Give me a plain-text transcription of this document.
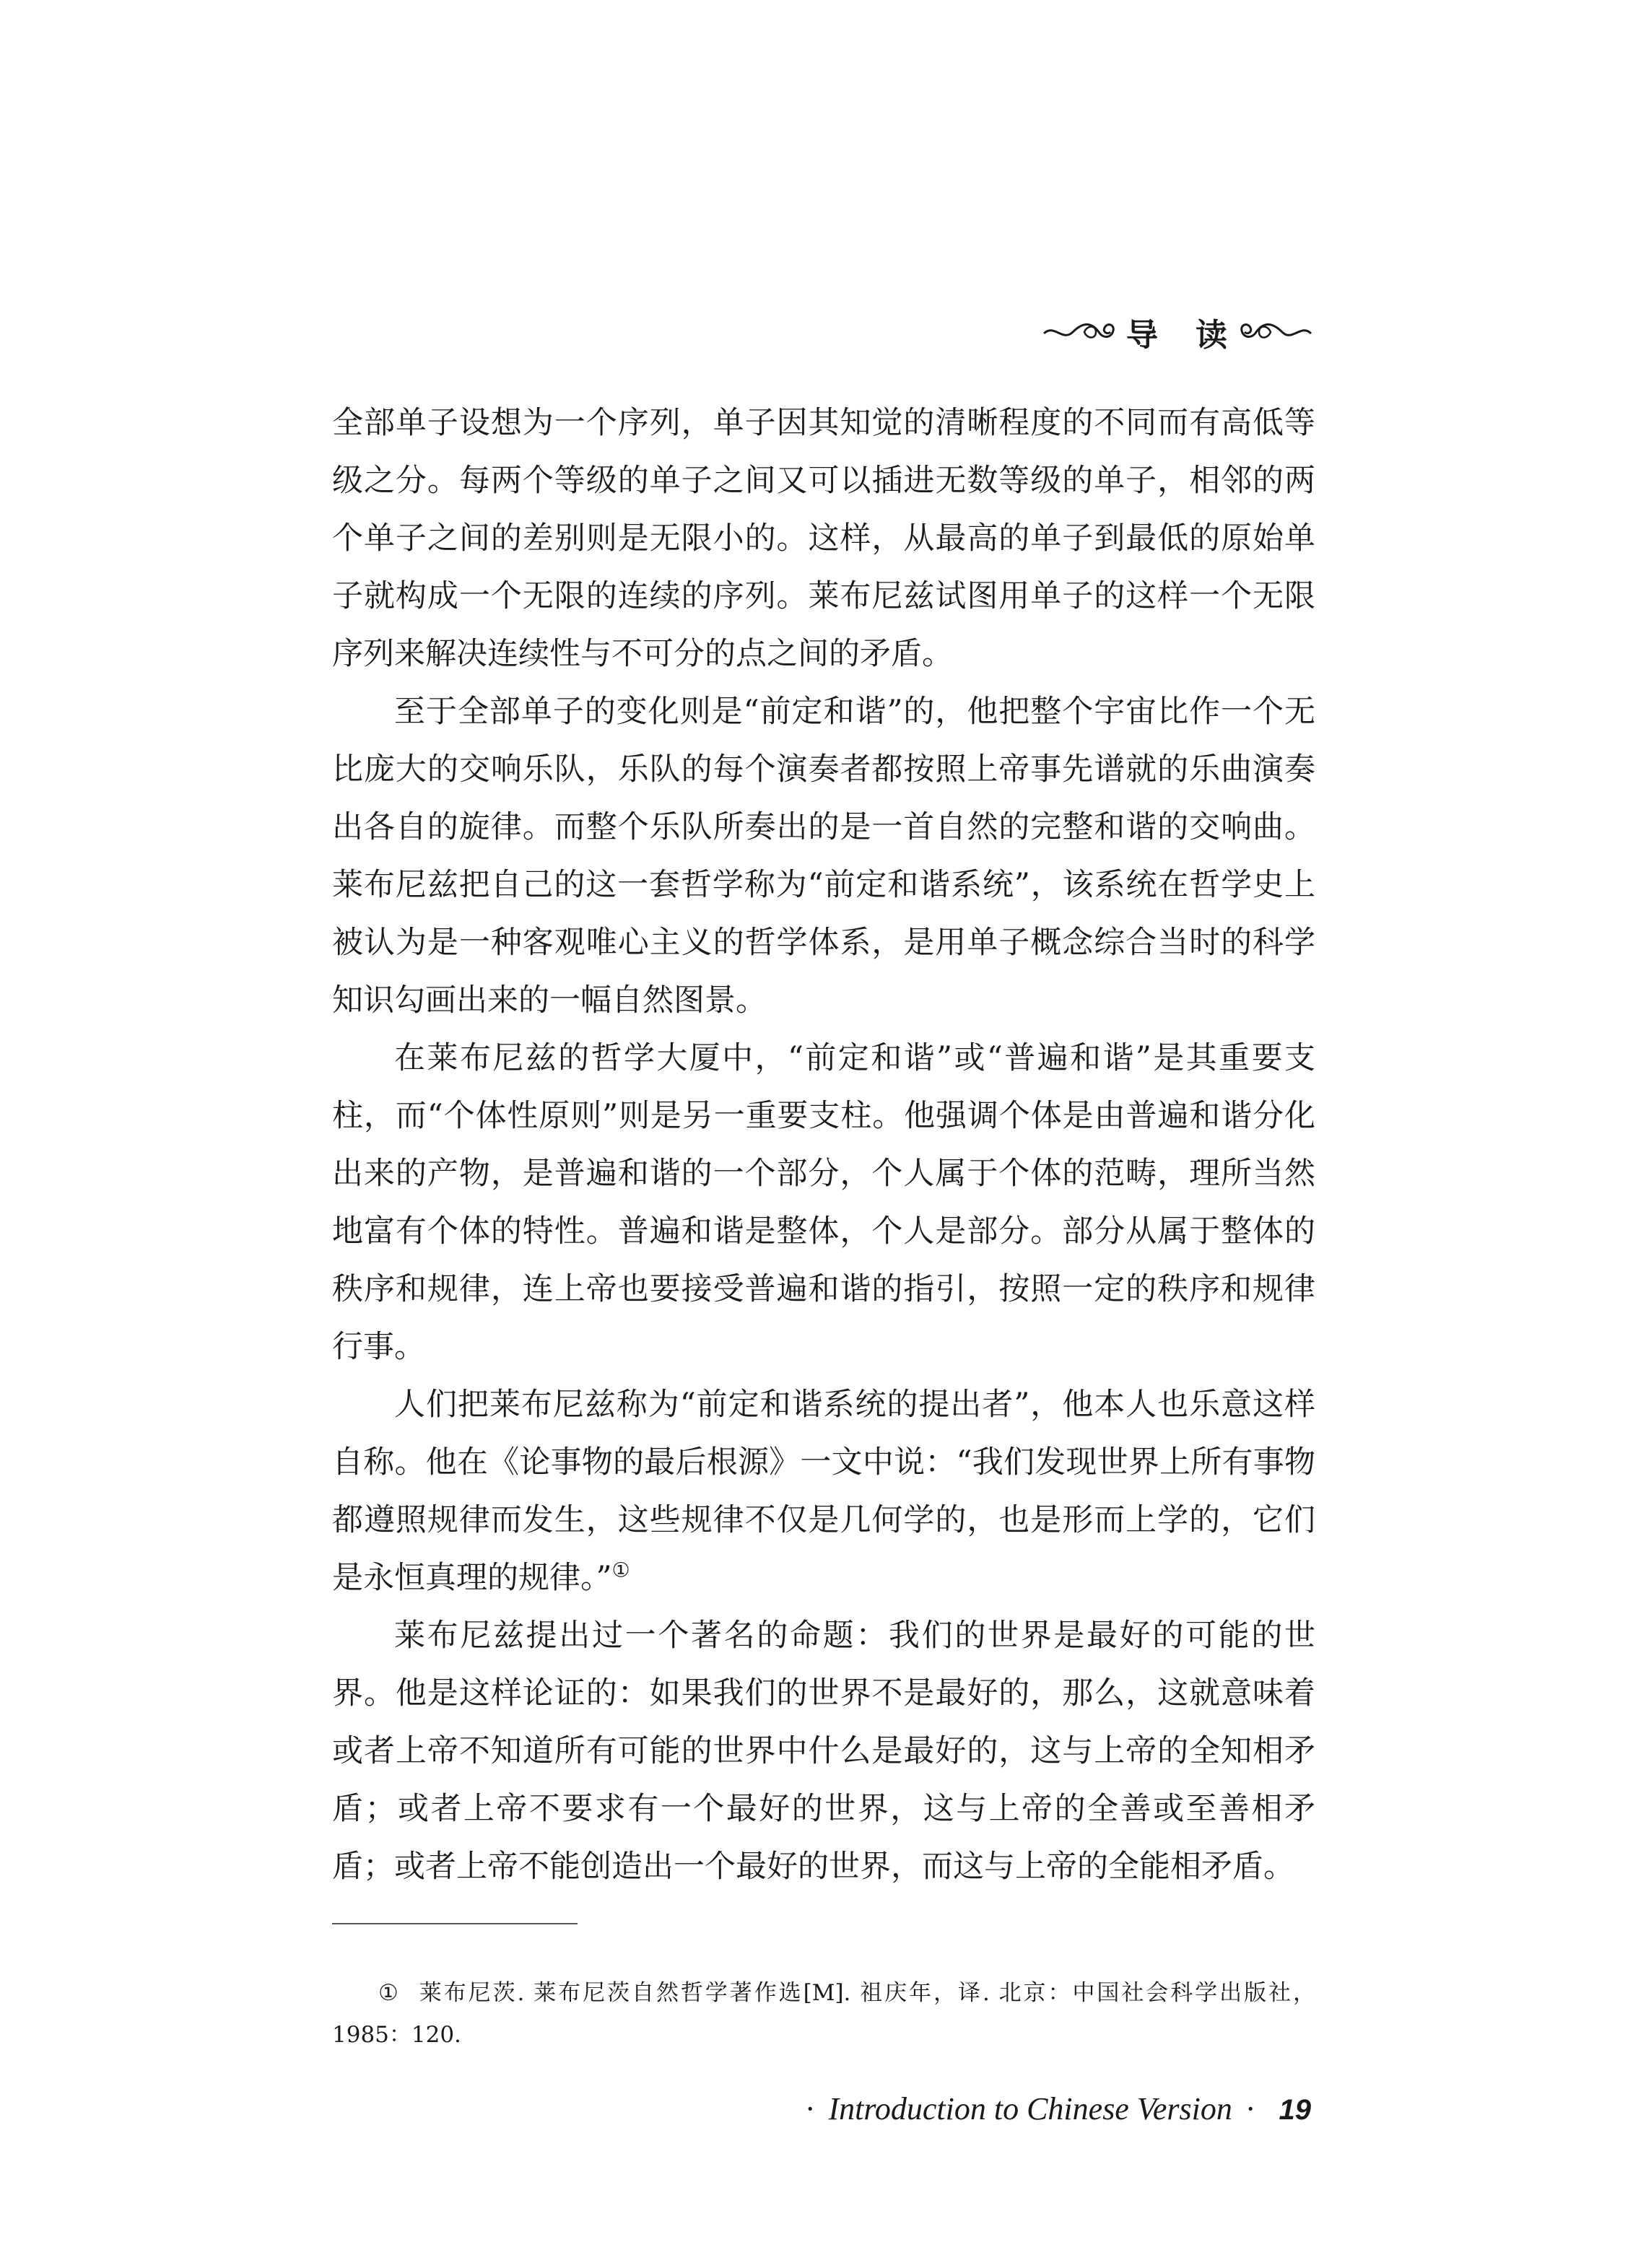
导 读

全部单子设想为一个序列，单子因其知觉的清晰程度的不同而有高低等级之分。每两个等级的单子之间又可以插进无数等级的单子，相邻的两个单子之间的差别则是无限小的。这样，从最高的单子到最低的原始单子就构成一个无限的连续的序列。莱布尼兹试图用单子的这样一个无限序列来解决连续性与不可分的点之间的矛盾。

至于全部单子的变化则是“前定和谐”的，他把整个宇宙比作一个无比庞大的交响乐队，乐队的每个演奏者都按照上帝事先谱就的乐曲演奏出各自的旋律。而整个乐队所奏出的是一首自然的完整和谐的交响曲。莱布尼兹把自己的这一套哲学称为“前定和谐系统”，该系统在哲学史上被认为是一种客观唯心主义的哲学体系，是用单子概念综合当时的科学知识勾画出来的一幅自然图景。

在莱布尼兹的哲学大厦中，“前定和谐”或“普遍和谐”是其重要支柱，而“个体性原则”则是另一重要支柱。他强调个体是由普遍和谐分化出来的产物，是普遍和谐的一个部分，个人属于个体的范畴，理所当然地富有个体的特性。普遍和谐是整体，个人是部分。部分从属于整体的秩序和规律，连上帝也要接受普遍和谐的指引，按照一定的秩序和规律行事。

人们把莱布尼兹称为“前定和谐系统的提出者”，他本人也乐意这样自称。他在《论事物的最后根源》一文中说：“我们发现世界上所有事物都遵照规律而发生，这些规律不仅是几何学的，也是形而上学的，它们是永恒真理的规律。”①

莱布尼兹提出过一个著名的命题：我们的世界是最好的可能的世界。他是这样论证的：如果我们的世界不是最好的，那么，这就意味着或者上帝不知道所有可能的世界中什么是最好的，这与上帝的全知相矛盾；或者上帝不要求有一个最好的世界，这与上帝的全善或至善相矛盾；或者上帝不能创造出一个最好的世界，而这与上帝的全能相矛盾。

① 莱布尼茨. 莱布尼茨自然哲学著作选[M]. 祖庆年，译. 北京：中国社会科学出版社，1985：120.
· Introduction to Chinese Version · 19
